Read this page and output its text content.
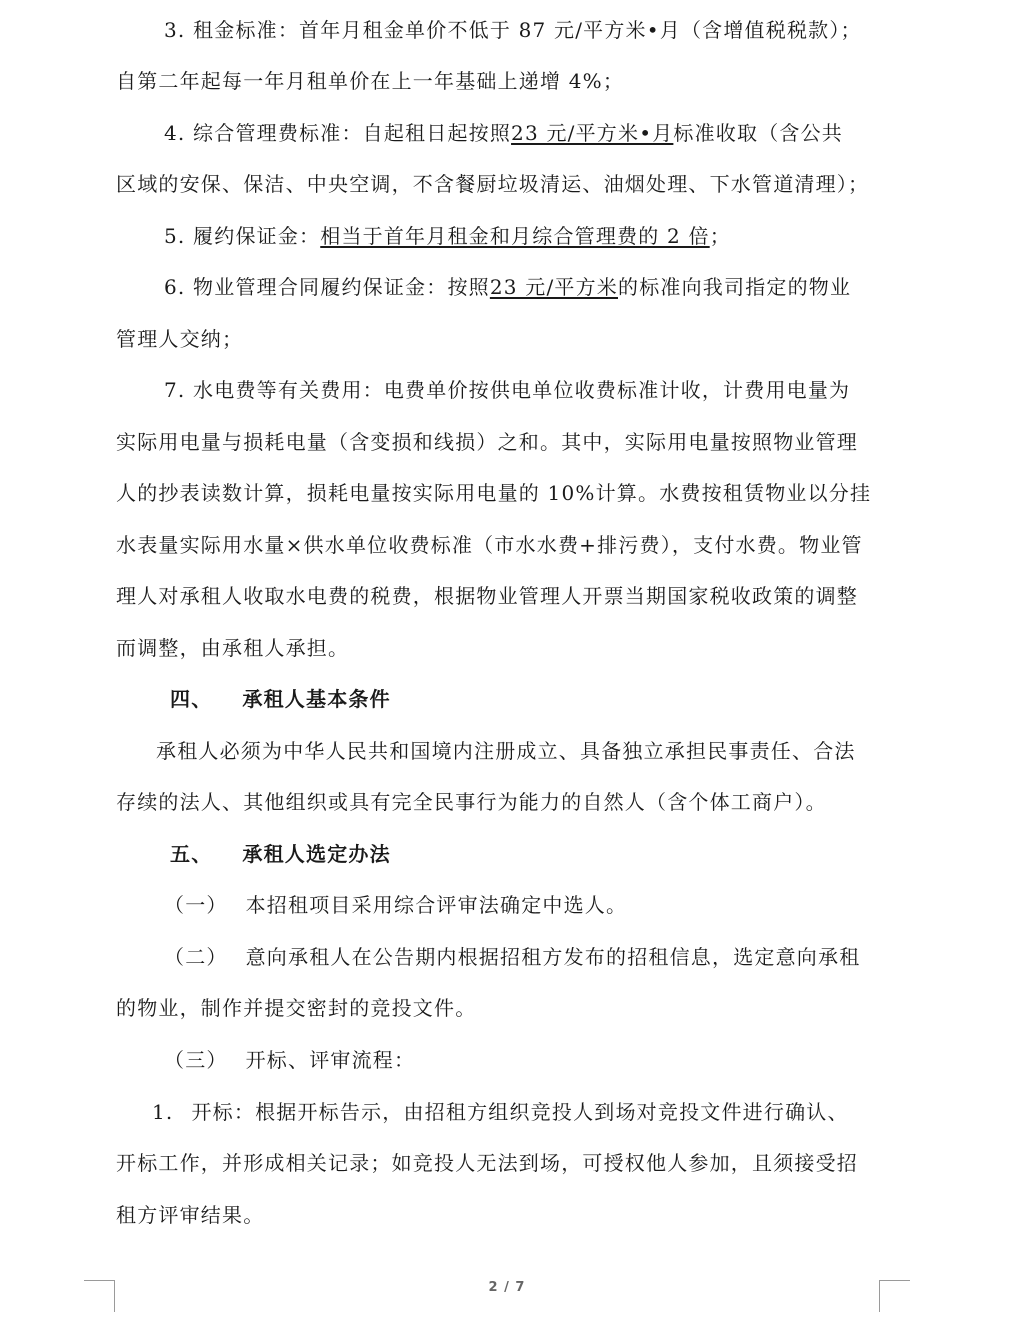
3. 租金标准：首年月租金单价不低于 87 元/平方米•月（含增值税税款）；
自第二年起每一年月租单价在上一年基础上递增 4%；
4. 综合管理费标准：自起租日起按照23 元/平方米•月标准收取（含公共
区域的安保、保洁、中央空调，不含餐厨垃圾清运、油烟处理、下水管道清理）；
5. 履约保证金：相当于首年月租金和月综合管理费的 2 倍；
6. 物业管理合同履约保证金：按照23 元/平方米的标准向我司指定的物业
管理人交纳；
7. 水电费等有关费用：电费单价按供电单位收费标准计收，计费用电量为
实际用电量与损耗电量（含变损和线损）之和。其中，实际用电量按照物业管理
人的抄表读数计算，损耗电量按实际用电量的 10%计算。水费按租赁物业以分挂
水表量实际用水量×供水单位收费标准（市水水费+排污费），支付水费。物业管
理人对承租人收取水电费的税费，根据物业管理人开票当期国家税收政策的调整
而调整，由承租人承担。
四、 承租人基本条件
承租人必须为中华人民共和国境内注册成立、具备独立承担民事责任、合法
存续的法人、其他组织或具有完全民事行为能力的自然人（含个体工商户）。
五、 承租人选定办法
（一） 本招租项目采用综合评审法确定中选人。
（二） 意向承租人在公告期内根据招租方发布的招租信息，选定意向承租
的物业，制作并提交密封的竞投文件。
（三） 开标、评审流程：
1. 开标：根据开标告示，由招租方组织竞投人到场对竞投文件进行确认、
开标工作，并形成相关记录；如竞投人无法到场，可授权他人参加，且须接受招
租方评审结果。
2 / 7
